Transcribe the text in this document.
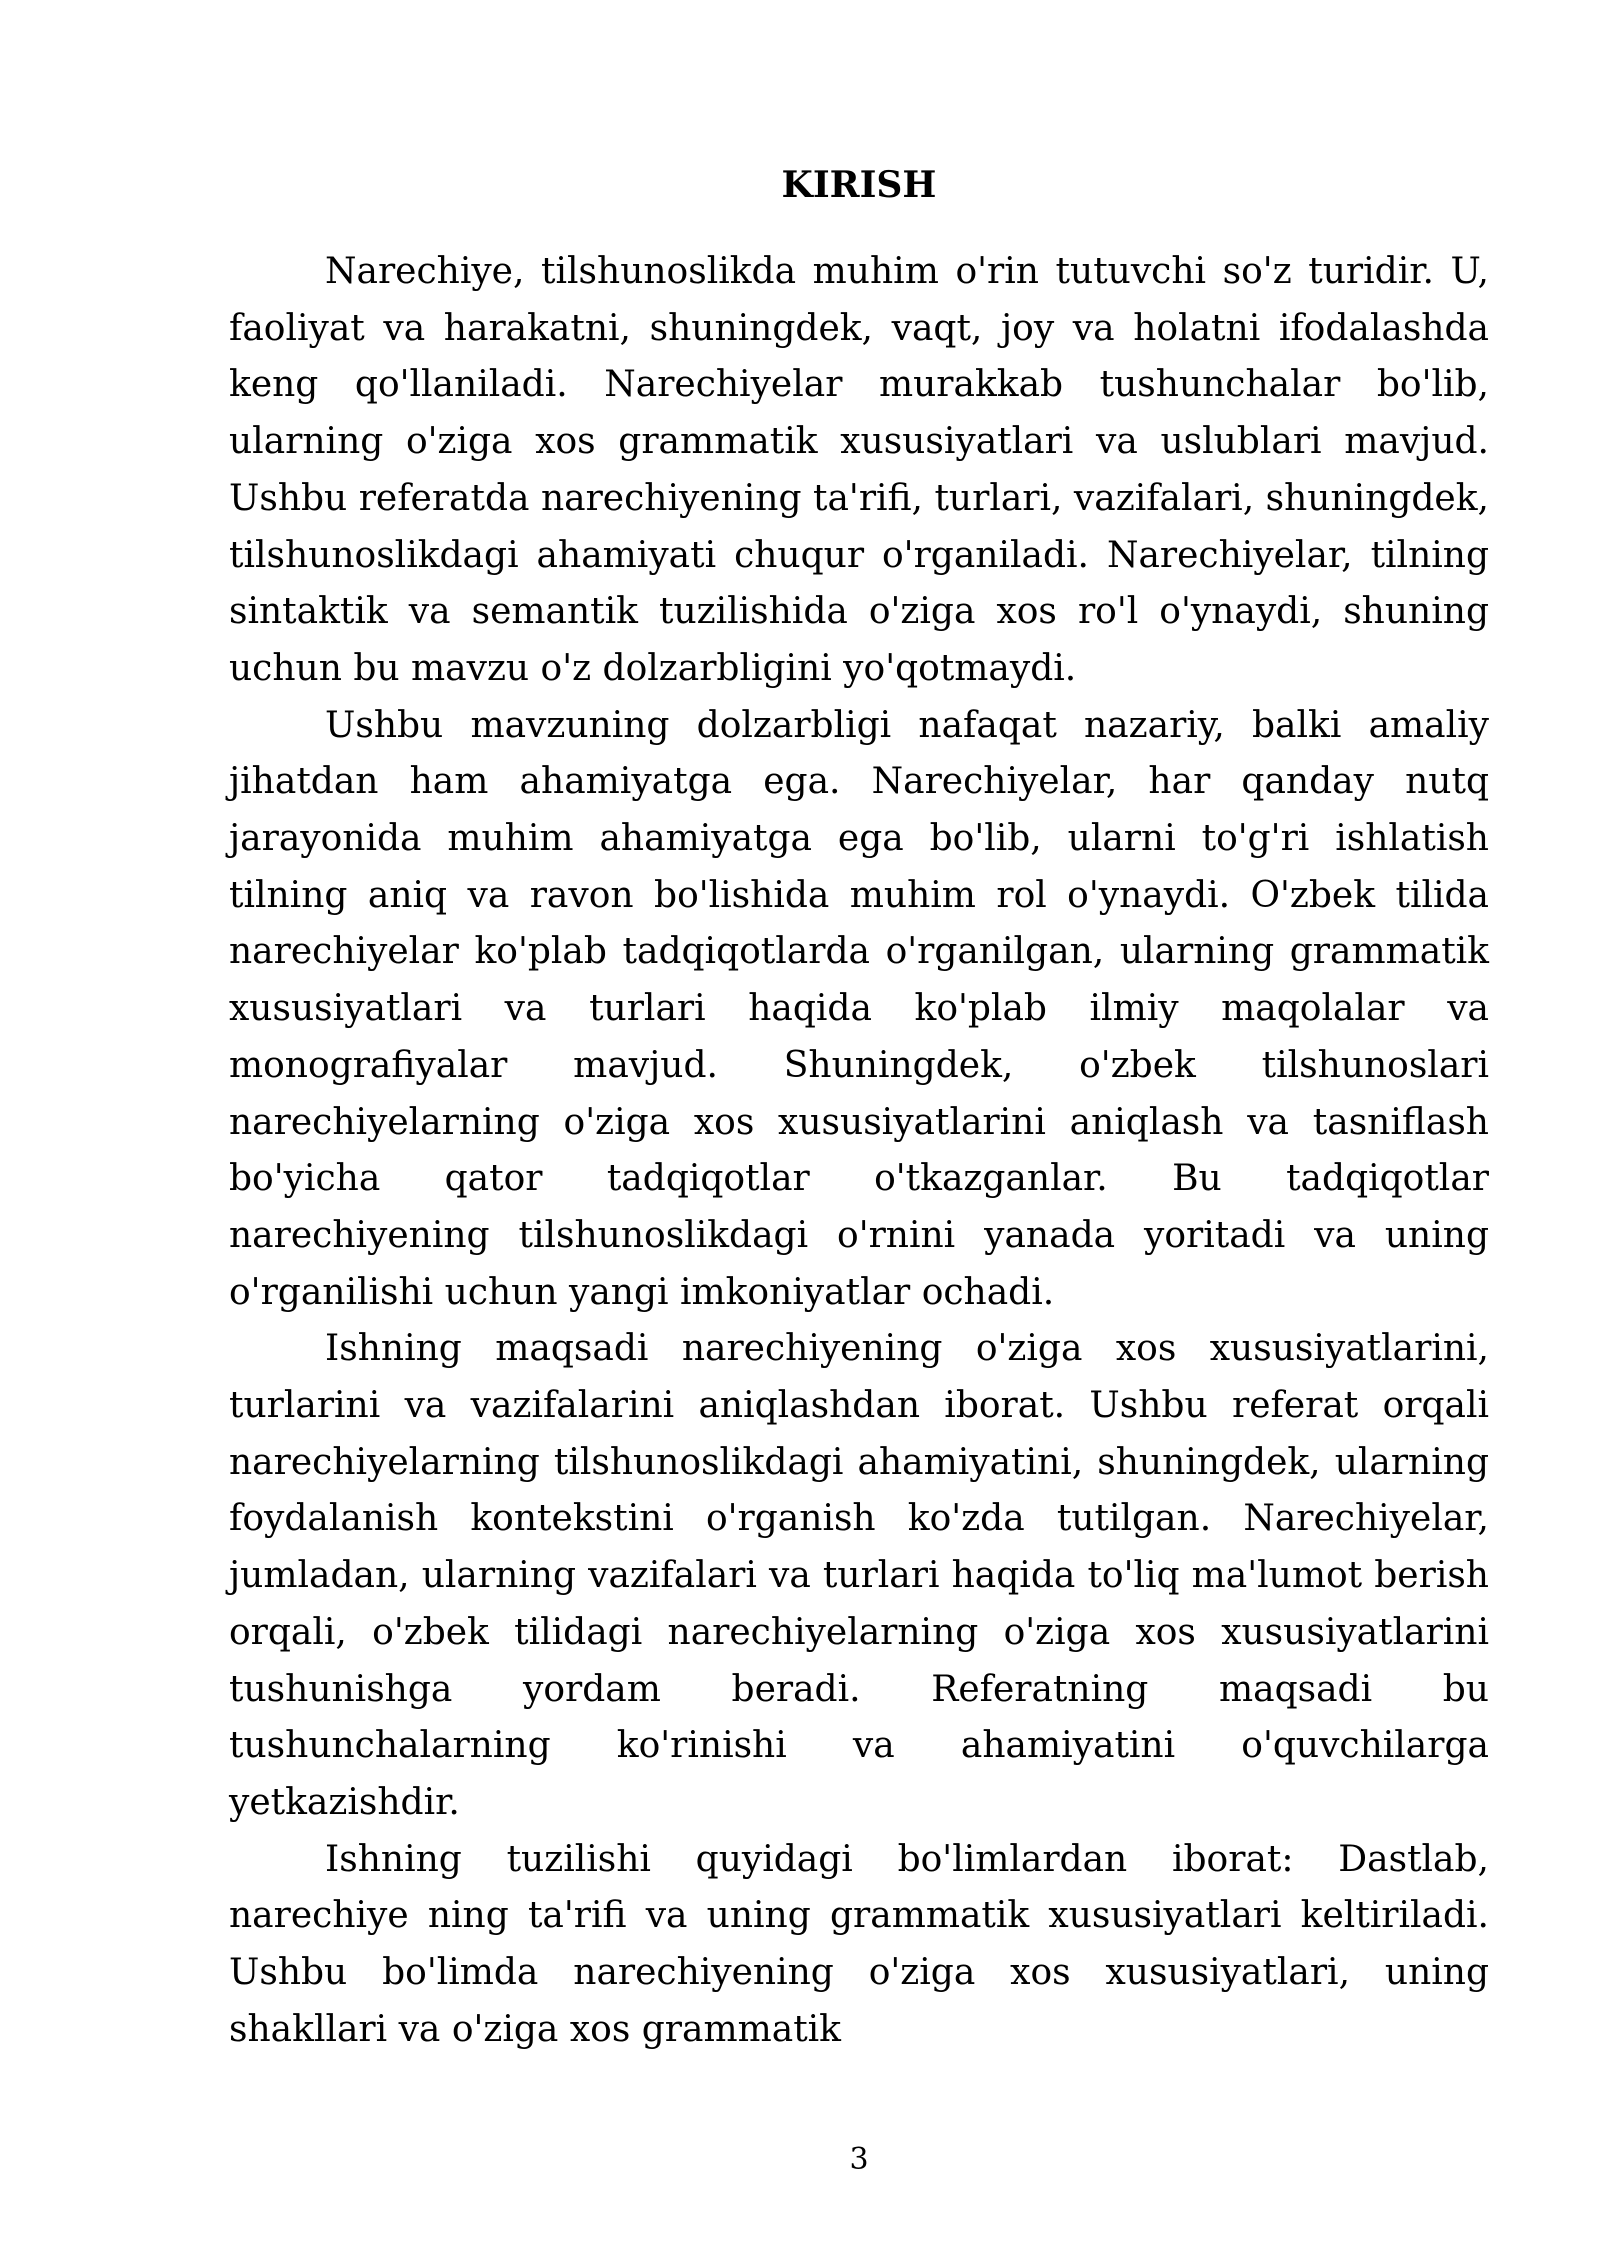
KIRISH

Narechiye, tilshunoslikda muhim o'rin tutuvchi so'z turidir. U, faoliyat va harakatni, shuningdek, vaqt, joy va holatni ifodalashda keng qo'llaniladi. Narechiyelar murakkab tushunchalar bo'lib, ularning o'ziga xos grammatik xususiyatlari va uslublari mavjud. Ushbu referatda narechiyening ta'rifi, turlari, vazifalari, shuningdek, tilshunoslikdagi ahamiyati chuqur o'rganiladi. Narechiyelar, tilning sintaktik va semantik tuzilishida o'ziga xos ro'l o'ynaydi, shuning uchun bu mavzu o'z dolzarbligini yo'qotmaydi.

Ushbu mavzuning dolzarbligi nafaqat nazariy, balki amaliy jihatdan ham ahamiyatga ega. Narechiyelar, har qanday nutq jarayonida muhim ahamiyatga ega bo'lib, ularni to'g'ri ishlatish tilning aniq va ravon bo'lishida muhim rol o'ynaydi. O'zbek tilida narechiyelar ko'plab tadqiqotlarda o'rganilgan, ularning grammatik xususiyatlari va turlari haqida ko'plab ilmiy maqolalar va monografiyalar mavjud. Shuningdek, o'zbek tilshunoslari narechiyelarning o'ziga xos xususiyatlarini aniqlash va tasniflash bo'yicha qator tadqiqotlar o'tkazganlar. Bu tadqiqotlar narechiyening tilshunoslikdagi o'rnini yanada yoritadi va uning o'rganilishi uchun yangi imkoniyatlar ochadi.

Ishning maqsadi narechiyening o'ziga xos xususiyatlarini, turlarini va vazifalarini aniqlashdan iborat. Ushbu referat orqali narechiyelarning tilshunoslikdagi ahamiyatini, shuningdek, ularning foydalanish kontekstini o'rganish ko'zda tutilgan. Narechiyelar, jumladan, ularning vazifalari va turlari haqida to'liq ma'lumot berish orqali, o'zbek tilidagi narechiyelarning o'ziga xos xususiyatlarini tushunishga yordam beradi. Referatning maqsadi bu tushunchalarning ko'rinishi va ahamiyatini o'quvchilarga yetkazishdir.

Ishning tuzilishi quyidagi bo'limlardan iborat: Dastlab, narechiye ning ta'rifi va uning grammatik xususiyatlari keltiriladi. Ushbu bo'limda narechiyening o'ziga xos xususiyatlari, uning shakllari va o'ziga xos grammatik

3
